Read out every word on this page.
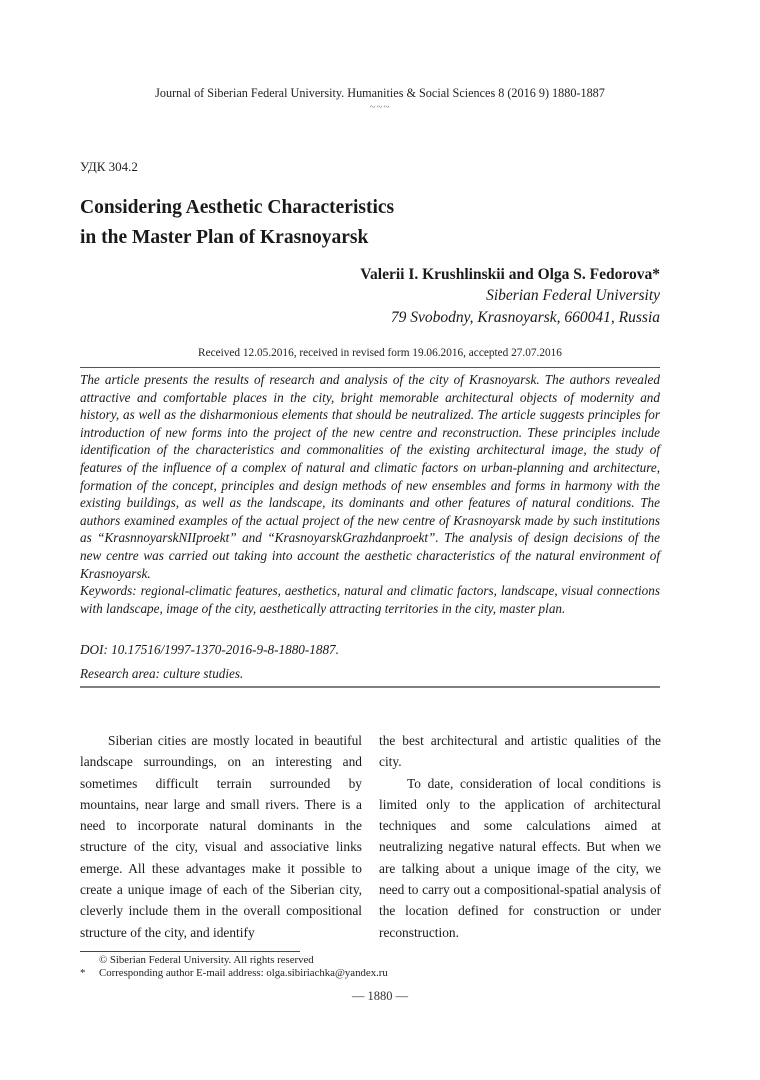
Journal of Siberian Federal University. Humanities & Social Sciences 8 (2016 9) 1880-1887
~~~
УДК 304.2
Considering Aesthetic Characteristics
in the Master Plan of Krasnoyarsk
Valerii I. Krushlinskii and Olga S. Fedorova*
Siberian Federal University
79 Svobodny, Krasnoyarsk, 660041, Russia
Received 12.05.2016, received in revised form 19.06.2016, accepted 27.07.2016

The article presents the results of research and analysis of the city of Krasnoyarsk. The authors revealed attractive and comfortable places in the city, bright memorable architectural objects of modernity and history, as well as the disharmonious elements that should be neutralized. The article suggests principles for introduction of new forms into the project of the new centre and reconstruction. These principles include identification of the characteristics and commonalities of the existing architectural image, the study of features of the influence of a complex of natural and climatic factors on urban-planning and architecture, formation of the concept, principles and design methods of new ensembles and forms in harmony with the existing buildings, as well as the landscape, its dominants and other features of natural conditions. The authors examined examples of the actual project of the new centre of Krasnoyarsk made by such institutions as “KrasnnoyarskNIIproekt” and “KrasnoyarskGrazhdanproekt”. The analysis of design decisions of the new centre was carried out taking into account the aesthetic characteristics of the natural environment of Krasnoyarsk.

Keywords: regional-climatic features, aesthetics, natural and climatic factors, landscape, visual connections with landscape, image of the city, aesthetically attracting territories in the city, master plan.

DOI: 10.17516/1997-1370-2016-9-8-1880-1887.
Research area: culture studies.

Siberian cities are mostly located in beautiful landscape surroundings, on an interesting and sometimes difficult terrain surrounded by mountains, near large and small rivers. There is a need to incorporate natural dominants in the structure of the city, visual and associative links emerge. All these advantages make it possible to create a unique image of each of the Siberian city, cleverly include them in the overall compositional structure of the city, and identify

the best architectural and artistic qualities of the city.

To date, consideration of local conditions is limited only to the application of architectural techniques and some calculations aimed at neutralizing negative natural effects. But when we are talking about a unique image of the city, we need to carry out a compositional-spatial analysis of the location defined for construction or under reconstruction.

© Siberian Federal University. All rights reserved
* Corresponding author E-mail address: olga.sibiriachka@yandex.ru
— 1880 —
